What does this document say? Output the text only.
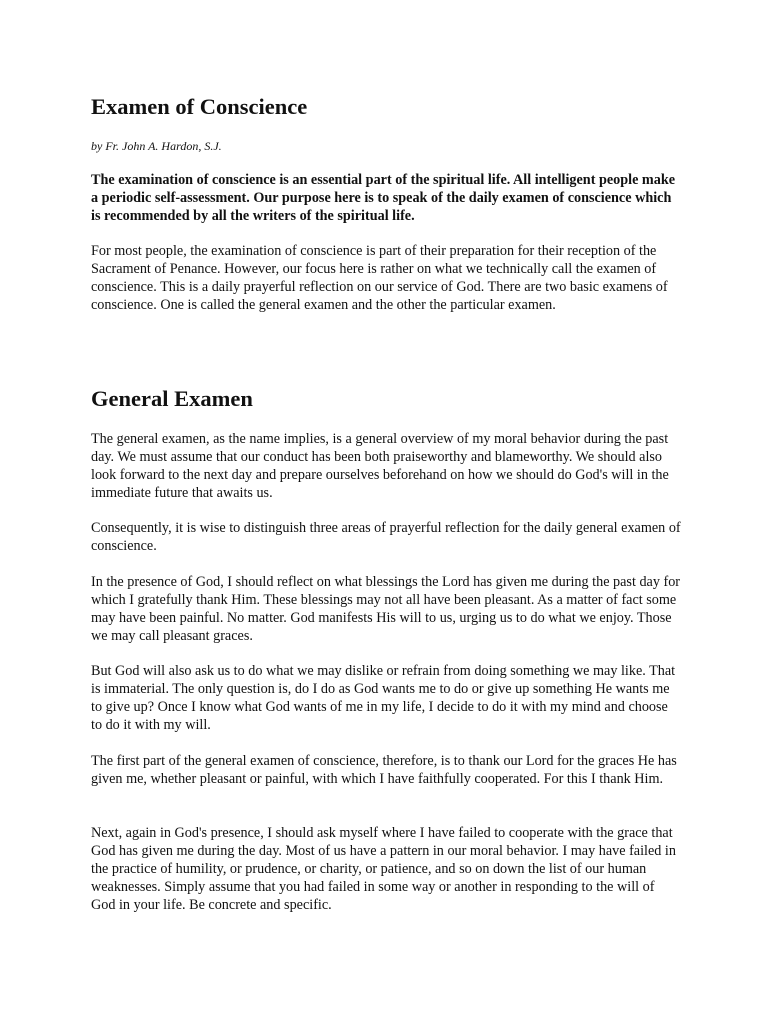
Examen of Conscience

by Fr. John A. Hardon, S.J.

The examination of conscience is an essential part of the spiritual life. All intelligent people make a periodic self-assessment. Our purpose here is to speak of the daily examen of conscience which is recommended by all the writers of the spiritual life.

For most people, the examination of conscience is part of their preparation for their reception of the Sacrament of Penance. However, our focus here is rather on what we technically call the examen of conscience. This is a daily prayerful reflection on our service of God. There are two basic examens of conscience. One is called the general examen and the other the particular examen.

General Examen

The general examen, as the name implies, is a general overview of my moral behavior during the past day. We must assume that our conduct has been both praiseworthy and blameworthy. We should also look forward to the next day and prepare ourselves beforehand on how we should do God's will in the immediate future that awaits us.

Consequently, it is wise to distinguish three areas of prayerful reflection for the daily general examen of conscience.

In the presence of God, I should reflect on what blessings the Lord has given me during the past day for which I gratefully thank Him. These blessings may not all have been pleasant. As a matter of fact some may have been painful. No matter. God manifests His will to us, urging us to do what we enjoy. Those we may call pleasant graces.

But God will also ask us to do what we may dislike or refrain from doing something we may like. That is immaterial. The only question is, do I do as God wants me to do or give up something He wants me to give up? Once I know what God wants of me in my life, I decide to do it with my mind and choose to do it with my will.

The first part of the general examen of conscience, therefore, is to thank our Lord for the graces He has given me, whether pleasant or painful, with which I have faithfully cooperated. For this I thank Him.

Next, again in God's presence, I should ask myself where I have failed to cooperate with the grace that God has given me during the day. Most of us have a pattern in our moral behavior. I may have failed in the practice of humility, or prudence, or charity, or patience, and so on down the list of our human weaknesses. Simply assume that you had failed in some way or another in responding to the will of God in your life. Be concrete and specific.
